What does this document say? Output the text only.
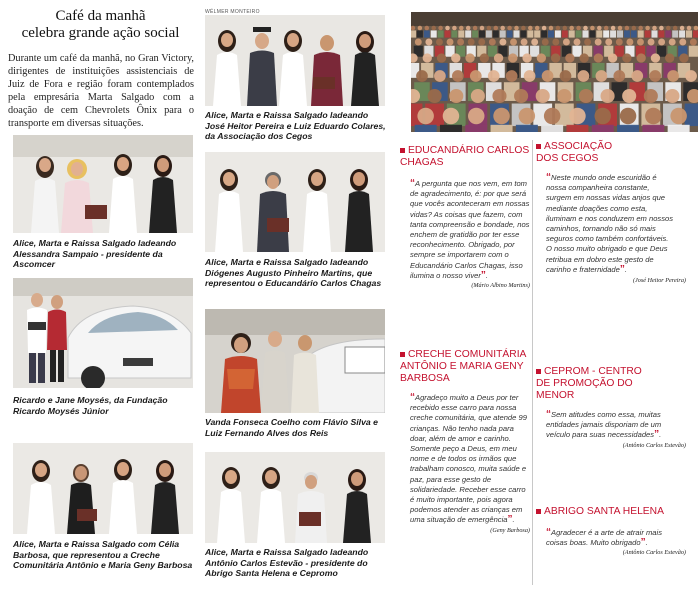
Café da manhã
celebra grande ação social
Durante um café da manhã, no Gran Victory, dirigentes de instituições assistenciais de Juiz de Fora e região foram contemplados pela empresária Marta Salgado com a doação de cem Chevrolets Ônix para o transporte em diversas situações.
Alice, Marta e Raissa Salgado ladeando Alessandra Sampaio - presidente da Ascomcer
Ricardo e Jane Moysés, da Fundação Ricardo Moysés Júnior
Alice, Marta e Raissa Salgado com Célia Barbosa, que representou a Creche Comunitária Antônio e Maria Geny Barbosa
WÉLMER MONTEIRO
Alice, Marta e Raissa Salgado ladeando José Heitor Pereira e Luiz Eduardo Colares, da Associação dos Cegos
Alice, Marta e Raissa Salgado ladeando Diógenes Augusto Pinheiro Martins, que representou o Educandário Carlos Chagas
Vanda Fonseca Coelho com Flávio Silva e Luiz Fernando Alves dos Reis
Alice, Marta e Raissa Salgado ladeando Antônio Carlos Estevão - presidente do Abrigo Santa Helena e Cepromo
EDUCANDÁRIO CARLOS CHAGAS
“A pergunta que nos vem, em tom de agradecimento, é: por que será que vocês aconteceram em nossas vidas? As coisas que fazem, com tanta compreensão e bondade, nos enchem de gratidão por ter esse reconhecimento. Obrigado, por sempre se importarem com o Educandário Carlos Chagas, isso ilumina o nosso viver”.
(Mário Albino Martins)
ASSOCIAÇÃO DOS CEGOS
“Neste mundo onde escuridão é nossa companheira constante, surgem em nossas vidas anjos que mediante doações como esta, iluminam e nos conduzem em nossos caminhos, tornando não só mais seguros como também confortáveis. O nosso muito obrigado e que Deus retribua em dobro este gesto de carinho e fraternidade”.
(José Heitor Pereira)
CRECHE COMUNITÁRIA ANTÔNIO E MARIA GENY BARBOSA
“Agradeço muito a Deus por ter recebido esse carro para nossa creche comunitária, que atende 99 crianças. Não tenho nada para doar, além de amor e carinho. Somente peço a Deus, em meu nome e de todos os irmãos que trabalham conosco, muita saúde e paz, para esse gesto de solidariedade. Receber esse carro é muito importante, pois agora podemos atender as crianças em uma situação de emergência”.
(Geny Barbosa)
CEPROM - CENTRO DE PROMOÇÃO DO MENOR
“Sem atitudes como essa, muitas entidades jamais disporiam de um veículo para suas necessidades”.
(Antônio Carlos Estevão)
ABRIGO SANTA HELENA
“Agradecer é a arte de atrair mais coisas boas. Muito obrigado”.
(Antônio Carlos Estevão)
